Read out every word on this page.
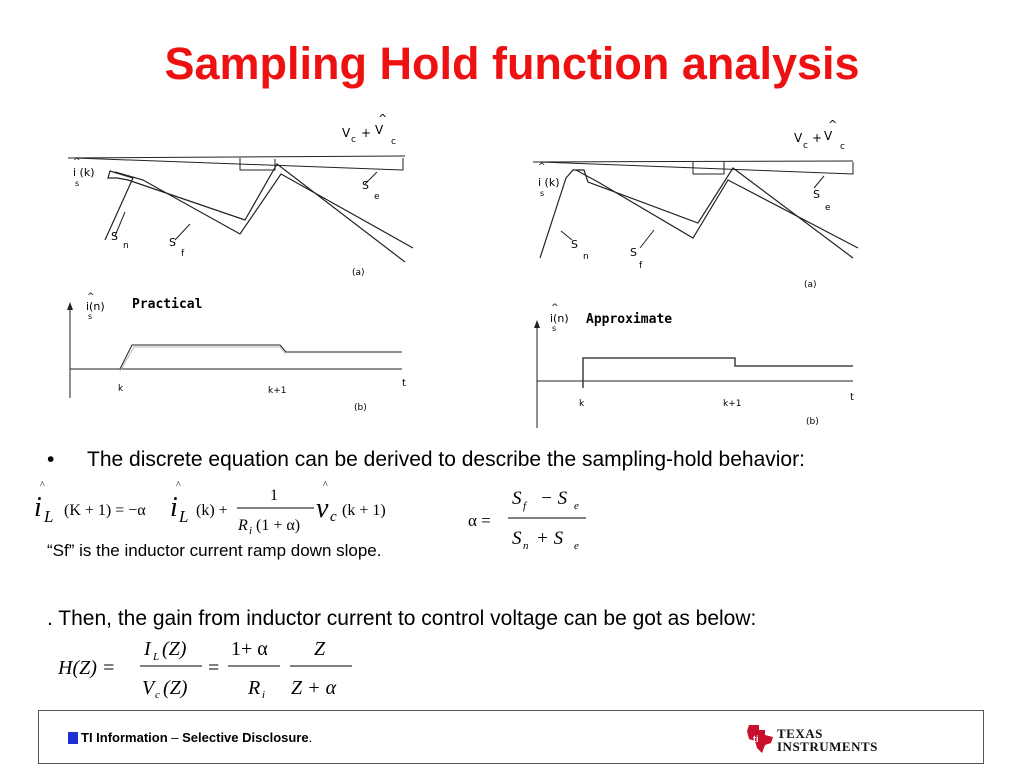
Sampling Hold function analysis
^
V c + V
c
^
i (k)
s	S
e
S
n	S
f
(a)
^
i(n)
s
Practical
k	k+1
t
(b)
^
V
c
+ V
c
^
i (k)
s	S
e
S
n	S
f
(a)
^
i(n)
s
Approximate
k	k+1
t
(b)
• The discrete equation can be derived to describe the sampling-hold behavior:
^
i L (K + 1) = −α
^
i L (k) +
1
R i (1 + α)
^
v c (k + 1)
α =
S f − S e
S n + S e
“Sf” is the inductor current ramp down slope.
. Then, the gain from inductor current to control voltage can be got as below:
H(Z) =
I L (Z)
V c (Z)
=
1+ α
R i
Z
Z + α
TI Information – Selective Disclosure.	ti TEXAS
INSTRUMENTS
